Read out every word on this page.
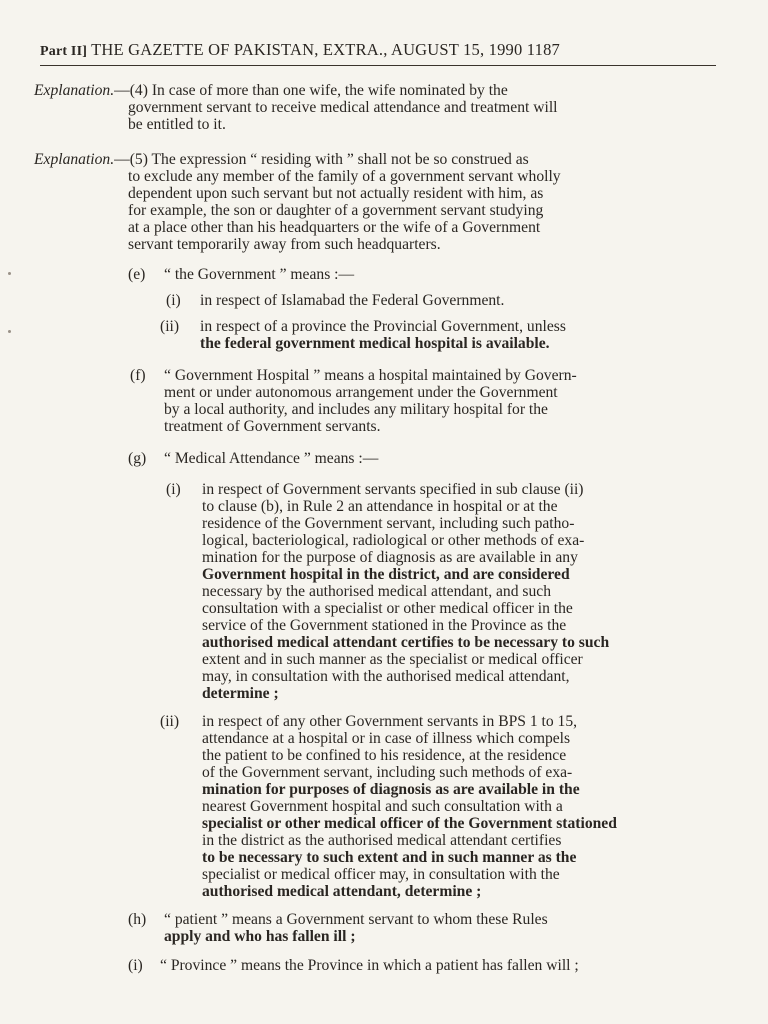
Part II] THE GAZETTE OF PAKISTAN, EXTRA., AUGUST 15, 1990 1187
Explanation.—(4) In case of more than one wife, the wife nominated by the
government servant to receive medical attendance and treatment will
be entitled to it.
Explanation.—(5) The expression “ residing with ” shall not be so construed as
to exclude any member of the family of a government servant wholly
dependent upon such servant but not actually resident with him, as
for example, the son or daughter of a government servant studying
at a place other than his headquarters or the wife of a Government
servant temporarily away from such headquarters.
(e) “ the Government ” means :—
(i) in respect of Islamabad the Federal Government.
(ii) in respect of a province the Provincial Government, unless
the federal government medical hospital is available.
(f) “ Government Hospital ” means a hospital maintained by Govern-
ment or under autonomous arrangement under the Government
by a local authority, and includes any military hospital for the
treatment of Government servants.
(g) “ Medical Attendance ” means :—
(i) in respect of Government servants specified in sub clause (ii)
to clause (b), in Rule 2 an attendance in hospital or at the
residence of the Government servant, including such patho-
logical, bacteriological, radiological or other methods of exa-
mination for the purpose of diagnosis as are available in any
Government hospital in the district, and are considered
necessary by the authorised medical attendant, and such
consultation with a specialist or other medical officer in the
service of the Government stationed in the Province as the
authorised medical attendant certifies to be necessary to such
extent and in such manner as the specialist or medical officer
may, in consultation with the authorised medical attendant,
determine ;
(ii) in respect of any other Government servants in BPS 1 to 15,
attendance at a hospital or in case of illness which compels
the patient to be confined to his residence, at the residence
of the Government servant, including such methods of exa-
mination for purposes of diagnosis as are available in the
nearest Government hospital and such consultation with a
specialist or other medical officer of the Government stationed
in the district as the authorised medical attendant certifies
to be necessary to such extent and in such manner as the
specialist or medical officer may, in consultation with the
authorised medical attendant, determine ;
(h) “ patient ” means a Government servant to whom these Rules
apply and who has fallen ill ;
(i) “ Province ” means the Province in which a patient has fallen will ;
